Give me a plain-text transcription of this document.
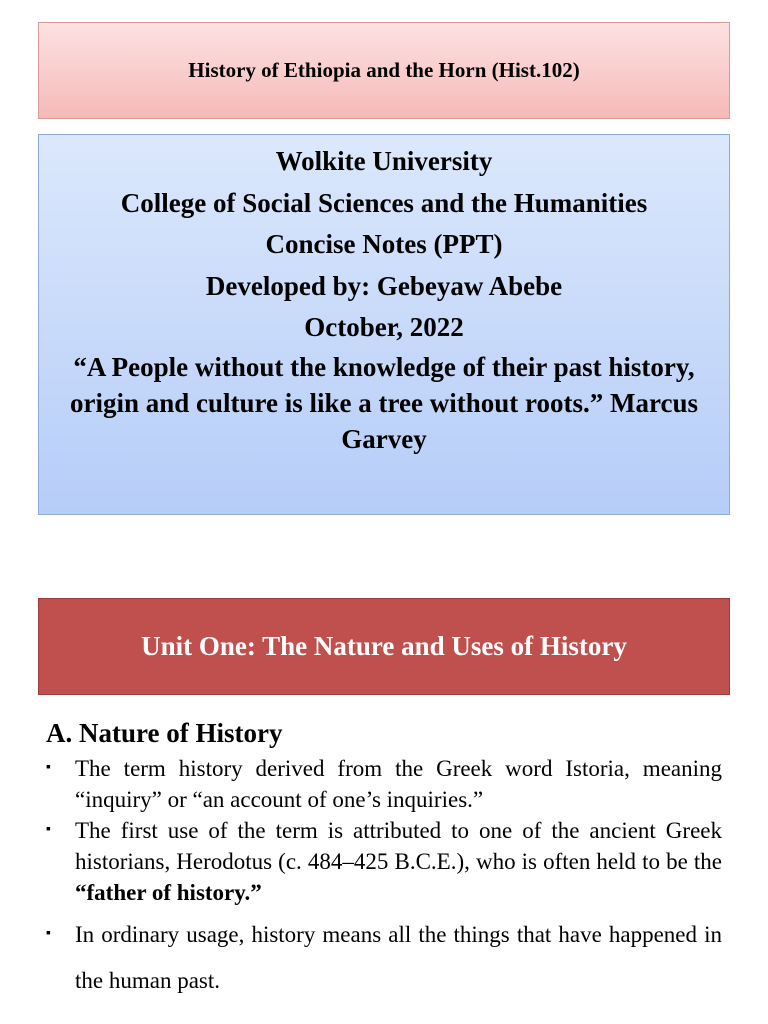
History of Ethiopia and the Horn (Hist.102)
Wolkite University
College of Social Sciences and the Humanities
Concise Notes (PPT)
Developed by: Gebeyaw Abebe
October, 2022
“A People without the knowledge of their past history, origin and culture is like a tree without roots.” Marcus Garvey
Unit One: The Nature and Uses of History
A. Nature of History
▪	The term history derived from the Greek word Istoria, meaning “inquiry” or “an account of one’s inquiries.”
▪	The first use of the term is attributed to one of the ancient Greek historians, Herodotus (c. 484–425 B.C.E.), who is often held to be the “father of history.”
▪	In ordinary usage, history means all the things that have happened in the human past.
